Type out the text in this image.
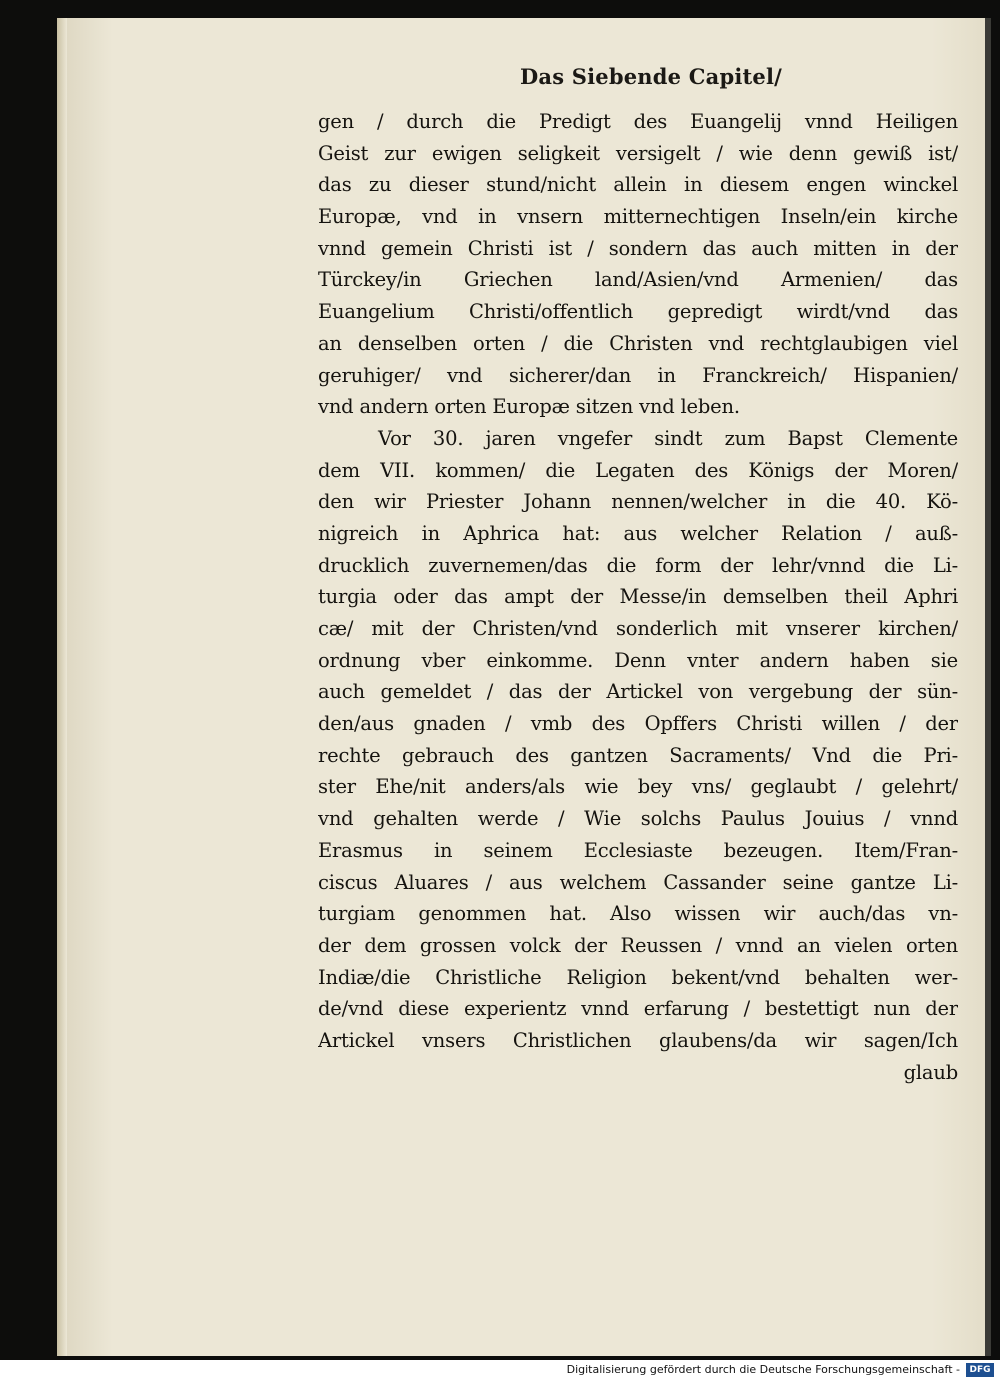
Das Siebende Capitel/
gen / durch die Predigt des Euangelij vnnd Heiligen
Geist zur ewigen seligkeit versigelt / wie denn gewiß ist/
das zu dieser stund/nicht allein in diesem engen winckel
Europæ, vnd in vnsern mitternechtigen Inseln/ein kirche
vnnd gemein Christi ist / sondern das auch mitten in der
Türckey/in Griechen land/Asien/vnd Armenien/ das
Euangelium Christi/offentlich gepredigt wirdt/vnd das
an denselben orten / die Christen vnd rechtglaubigen viel
geruhiger/ vnd sicherer/dan in Franckreich/ Hispanien/
vnd andern orten Europæ sitzen vnd leben.
Vor 30. jaren vngefer sindt zum Bapst Clemente
dem VII. kommen/ die Legaten des Königs der Moren/
den wir Priester Johann nennen/welcher in die 40. Kö-
nigreich in Aphrica hat: aus welcher Relation / auß-
drucklich zuvernemen/das die form der lehr/vnnd die Li-
turgia oder das ampt der Messe/in demselben theil Aphri
cæ/ mit der Christen/vnd sonderlich mit vnserer kirchen/
ordnung vber einkomme. Denn vnter andern haben sie
auch gemeldet / das der Artickel von vergebung der sün-
den/aus gnaden / vmb des Opffers Christi willen / der
rechte gebrauch des gantzen Sacraments/ Vnd die Pri-
ster Ehe/nit anders/als wie bey vns/ geglaubt / gelehrt/
vnd gehalten werde / Wie solchs Paulus Jouius / vnnd
Erasmus in seinem Ecclesiaste bezeugen. Item/Fran-
ciscus Aluares / aus welchem Cassander seine gantze Li-
turgiam genommen hat. Also wissen wir auch/das vn-
der dem grossen volck der Reussen / vnnd an vielen orten
Indiæ/die Christliche Religion bekent/vnd behalten wer-
de/vnd diese experientz vnnd erfarung / bestettigt nun der
Artickel vnsers Christlichen glaubens/da wir sagen/Ich
glaub
Digitalisierung gefördert durch die Deutsche Forschungsgemeinschaft -	DFG
